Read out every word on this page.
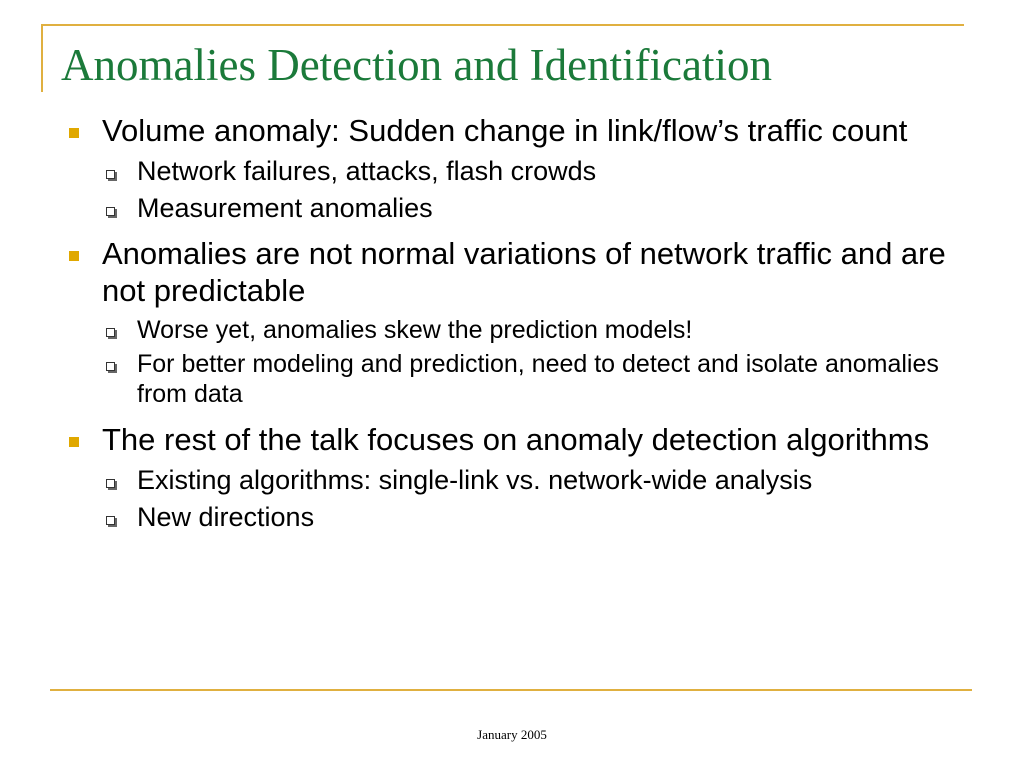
Anomalies Detection and Identification
Volume anomaly: Sudden change in link/flow’s traffic count
Network failures, attacks, flash crowds
Measurement anomalies
Anomalies are not normal variations of network traffic and are not predictable
Worse yet, anomalies skew the prediction models!
For better modeling and prediction, need to detect and isolate anomalies from data
The rest of the talk focuses on anomaly detection algorithms
Existing algorithms: single-link vs. network-wide analysis
New directions
January 2005
